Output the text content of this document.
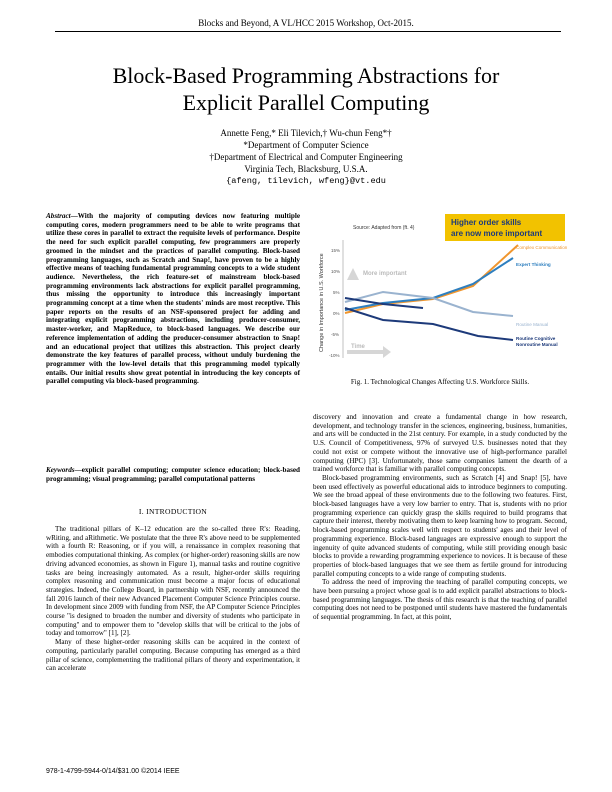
Blocks and Beyond, A VL/HCC 2015 Workshop, Oct-2015.
Block-Based Programming Abstractions for
Explicit Parallel Computing
Annette Feng,* Eli Tilevich,† Wu-chun Feng*†
*Department of Computer Science
†Department of Electrical and Computer Engineering
Virginia Tech, Blacksburg, U.S.A.
{afeng, tilevich, wfeng}@vt.edu
Abstract—With the majority of computing devices now featuring multiple computing cores, modern programmers need to be able to write programs that utilize these cores in parallel to extract the requisite levels of performance. Despite the need for such explicit parallel computing, few programmers are properly groomed in the mindset and the practices of parallel computing. Block-based programming languages, such as Scratch and Snap!, have proven to be a highly effective means of teaching fundamental programming concepts to a wide student audience. Nevertheless, the rich feature-set of mainstream block-based programming environments lack abstractions for explicit parallel programming, thus missing the opportunity to introduce this increasingly important programming concept at a time when the students' minds are most receptive. This paper reports on the results of an NSF-sponsored project for adding and integrating explicit programming abstractions, including producer-consumer, master-worker, and MapReduce, to block-based languages. We describe our reference implementation of adding the producer-consumer abstraction to Snap! and an educational project that utilizes this abstraction. This project clearly demonstrate the key features of parallel process, without unduly burdening the programmer with the low-level details that this programming model typically entails. Our initial results show great potential in introducing the key concepts of parallel computing via block-based programming.
Keywords—explicit parallel computing; computer science education; block-based programming; visual programming; parallel computational patterns
I. INTRODUCTION

The traditional pillars of K–12 education are the so-called three R's: Reading, wRiting, and aRithmetic. We postulate that the three R's above need to be supplemented with a fourth R: Reasoning, or if you will, a renaissance in complex reasoning that embodies computational thinking. As complex (or higher-order) reasoning skills are now driving advanced economies, as shown in Figure 1), manual tasks and routine cognitive tasks are being increasingly automated. As a result, higher-order skills requiring complex reasoning and communication must become a major focus of educational strategies. Indeed, the College Board, in partnership with NSF, recently announced the fall 2016 launch of their new Advanced Placement Computer Science Principles course. In development since 2009 with funding from NSF, the AP Computer Science Principles course "is designed to broaden the number and diversity of students who participate in computing" and to empower them to "develop skills that will be critical to the jobs of today and tomorrow" [1], [2].

Many of these higher-order reasoning skills can be acquired in the context of computing, particularly parallel computing. Because computing has emerged as a third pillar of science, complementing the traditional pillars of theory and experimentation, it can accelerate

Higher order skills
are now more important
Source: Adapted from (ft. 4)
Change in Importance in U.S. Workforce
15%
10%
5%
0%
-5%
-10%
More important
Time
Complex Communication
Expert Thinking
Routine Manual
Routine Cognitive
Nonroutine Manual
Fig. 1. Technological Changes Affecting U.S. Workforce Skills.

discovery and innovation and create a fundamental change in how research, development, and technology transfer in the sciences, engineering, business, humanities, and arts will be conducted in the 21st century. For example, in a study conducted by the U.S. Council of Competitiveness, 97% of surveyed U.S. businesses noted that they could not exist or compete without the innovative use of high-performance parallel computing (HPC) [3]. Unfortunately, those same companies lament the dearth of a trained workforce that is familiar with parallel computing concepts.

Block-based programming environments, such as Scratch [4] and Snap! [5], have been used effectively as powerful educational aids to introduce beginners to computing. We see the broad appeal of these environments due to the following two features. First, block-based languages have a very low barrier to entry. That is, students with no prior programming experience can quickly grasp the skills required to build programs that capture their interest, thereby motivating them to keep learning how to program. Second, block-based programming scales well with respect to students' ages and their level of programming experience. Block-based languages are expressive enough to support the ingenuity of quite advanced students of computing, while still providing enough basic blocks to provide a rewarding programming experience to novices. It is because of these properties of block-based languages that we see them as fertile ground for introducing parallel computing concepts to a wide range of computing students.

To address the need of improving the teaching of parallel computing concepts, we have been pursuing a project whose goal is to add explicit parallel abstractions to block-based programming languages. The thesis of this research is that the teaching of parallel computing does not need to be postponed until students have mastered the fundamentals of sequential programming. In fact, at this point,

978-1-4799-5944-0/14/$31.00 ©2014 IEEE
